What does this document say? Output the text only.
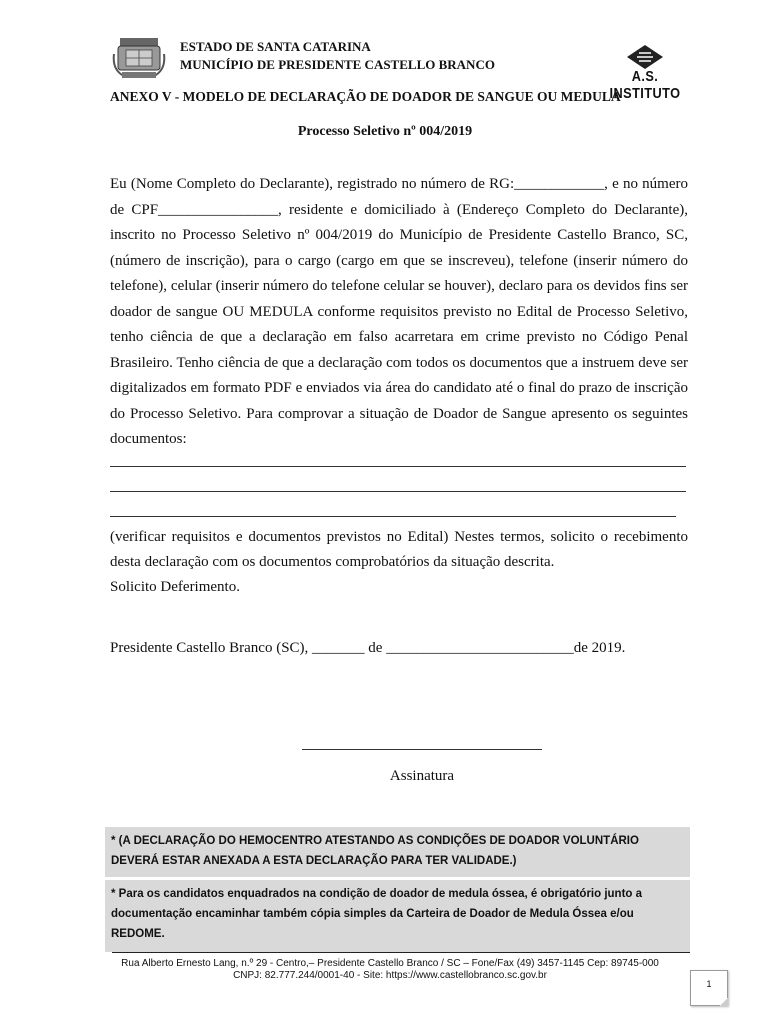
ESTADO DE SANTA CATARINA
MUNICÍPIO DE PRESIDENTE CASTELLO BRANCO
A.S. INSTITUTO
ANEXO V - MODELO DE DECLARAÇÃO DE DOADOR DE SANGUE OU MEDULA
Processo Seletivo nº 004/2019

Eu (Nome Completo do Declarante), registrado no número de RG:____________, e no número de CPF________________, residente e domiciliado à (Endereço Completo do Declarante), inscrito no Processo Seletivo nº 004/2019 do Município de Presidente Castello Branco, SC, (número de inscrição), para o cargo (cargo em que se inscreveu), telefone (inserir número do telefone), celular (inserir número do telefone celular se houver), declaro para os devidos fins ser doador de sangue OU MEDULA conforme requisitos previsto no Edital de Processo Seletivo, tenho ciência de que a declaração em falso acarretara em crime previsto no Código Penal Brasileiro. Tenho ciência de que a declaração com todos os documentos que a instruem deve ser digitalizados em formato PDF e enviados via área do candidato até o final do prazo de inscrição do Processo Seletivo. Para comprovar a situação de Doador de Sangue apresento os seguintes documentos:

(verificar requisitos e documentos previstos no Edital) Nestes termos, solicito o recebimento desta declaração com os documentos comprobatórios da situação descrita.

Solicito Deferimento.

Presidente Castello Branco (SC), _______ de _________________________de 2019.
Assinatura

* (A DECLARAÇÃO DO HEMOCENTRO ATESTANDO AS CONDIÇÕES DE DOADOR VOLUNTÁRIO DEVERÁ ESTAR ANEXADA A ESTA DECLARAÇÃO PARA TER VALIDADE.)

* Para os candidatos enquadrados na condição de doador de medula óssea, é obrigatório junto a documentação encaminhar também cópia simples da Carteira de Doador de Medula Óssea e/ou REDOME.

Rua Alberto Ernesto Lang, n.º 29 - Centro,– Presidente Castello Branco / SC – Fone/Fax (49) 3457-1145 Cep: 89745-000
CNPJ: 82.777.244/0001-40 - Site: https://www.castellobranco.sc.gov.br
1
